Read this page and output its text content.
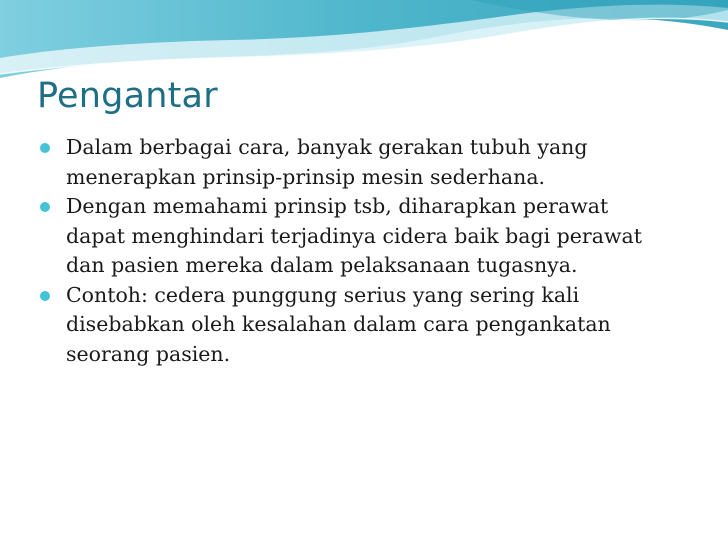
Pengantar
Dalam berbagai cara, banyak gerakan tubuh yang
menerapkan prinsip-prinsip mesin sederhana.
Dengan memahami prinsip tsb, diharapkan perawat
dapat menghindari terjadinya cidera baik bagi perawat
dan pasien mereka dalam pelaksanaan tugasnya.
Contoh: cedera punggung serius yang sering kali
disebabkan oleh kesalahan dalam cara pengankatan
seorang pasien.
